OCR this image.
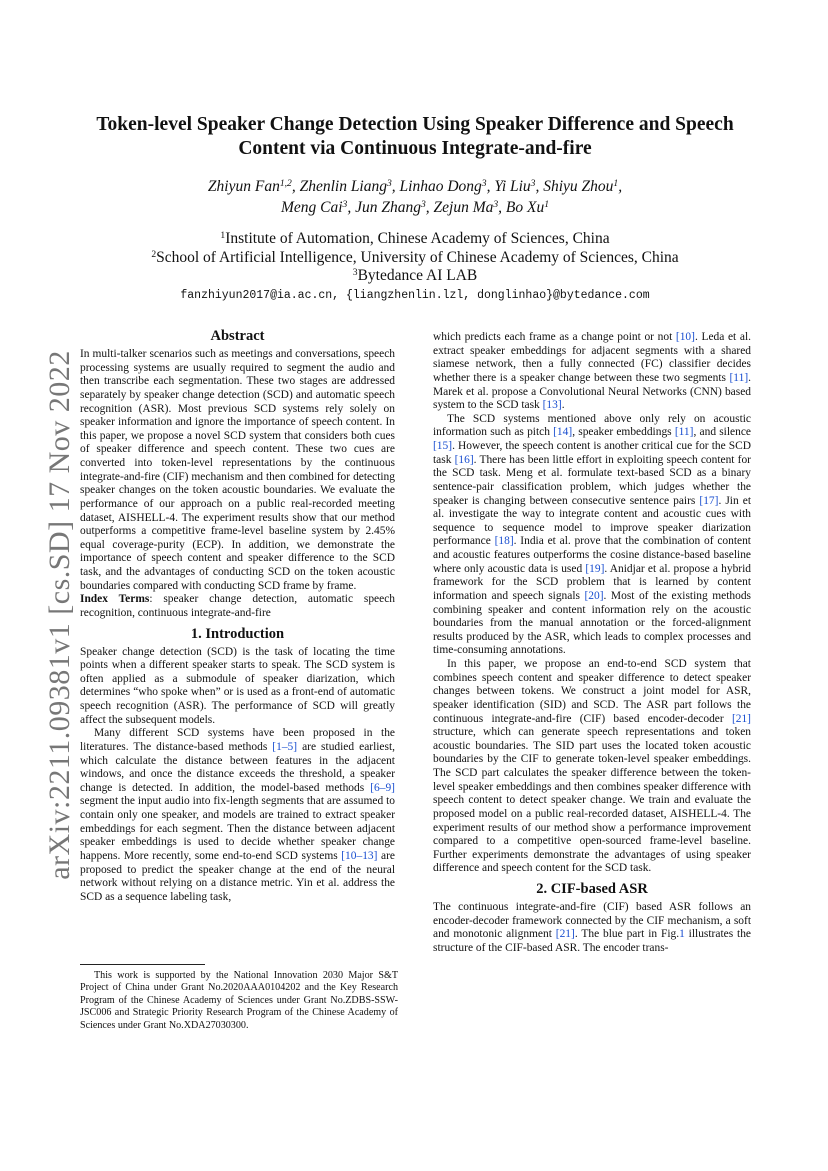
arXiv:2211.09381v1 [cs.SD] 17 Nov 2022
Token-level Speaker Change Detection Using Speaker Difference and Speech
Content via Continuous Integrate-and-fire
Zhiyun Fan$^{1,2}$, Zhenlin Liang$^3$, Linhao Dong$^3$, Yi Liu$^3$, Shiyu Zhou$^1$,
Meng Cai$^3$, Jun Zhang$^3$, Zejun Ma$^3$, Bo Xu$^1$
$^1$Institute of Automation, Chinese Academy of Sciences, China
$^2$School of Artificial Intelligence, University of Chinese Academy of Sciences, China
$^3$Bytedance AI LAB
fanzhiyun2017@ia.ac.cn, {liangzhenlin.lzl, donglinhao}@bytedance.com
Abstract

In multi-talker scenarios such as meetings and conversations, speech processing systems are usually required to segment the audio and then transcribe each segmentation. These two stages are addressed separately by speaker change detection (SCD) and automatic speech recognition (ASR). Most previous SCD systems rely solely on speaker information and ignore the importance of speech content. In this paper, we propose a novel SCD system that considers both cues of speaker difference and speech content. These two cues are converted into token-level representations by the continuous integrate-and-fire (CIF) mechanism and then combined for detecting speaker changes on the token acoustic boundaries. We evaluate the performance of our approach on a public real-recorded meeting dataset, AISHELL-4. The experiment results show that our method outperforms a competitive frame-level baseline system by 2.45% equal coverage-purity (ECP). In addition, we demonstrate the importance of speech content and speaker difference to the SCD task, and the advantages of conducting SCD on the token acoustic boundaries compared with conducting SCD frame by frame.

Index Terms: speaker change detection, automatic speech recognition, continuous integrate-and-fire

1. Introduction

Speaker change detection (SCD) is the task of locating the time points when a different speaker starts to speak. The SCD system is often applied as a submodule of speaker diarization, which determines “who spoke when” or is used as a front-end of automatic speech recognition (ASR). The performance of SCD will greatly affect the subsequent models.

Many different SCD systems have been proposed in the literatures. The distance-based methods [1–5] are studied earliest, which calculate the distance between features in the adjacent windows, and once the distance exceeds the threshold, a speaker change is detected. In addition, the model-based methods [6–9] segment the input audio into fix-length segments that are assumed to contain only one speaker, and models are trained to extract speaker embeddings for each segment. Then the distance between adjacent speaker embeddings is used to decide whether speaker change happens. More recently, some end-to-end SCD systems [10–13] are proposed to predict the speaker change at the end of the neural network without relying on a distance metric. Yin et al. address the SCD as a sequence labeling task,

This work is supported by the National Innovation 2030 Major S&T Project of China under Grant No.2020AAA0104202 and the Key Research Program of the Chinese Academy of Sciences under Grant No.ZDBS-SSW-JSC006 and Strategic Priority Research Program of the Chinese Academy of Sciences under Grant No.XDA27030300.

which predicts each frame as a change point or not [10]. Leda et al. extract speaker embeddings for adjacent segments with a shared siamese network, then a fully connected (FC) classifier decides whether there is a speaker change between these two segments [11]. Marek et al. propose a Convolutional Neural Networks (CNN) based system to the SCD task [13].

The SCD systems mentioned above only rely on acoustic information such as pitch [14], speaker embeddings [11], and silence [15]. However, the speech content is another critical cue for the SCD task [16]. There has been little effort in exploiting speech content for the SCD task. Meng et al. formulate text-based SCD as a binary sentence-pair classification problem, which judges whether the speaker is changing between consecutive sentence pairs [17]. Jin et al. investigate the way to integrate content and acoustic cues with sequence to sequence model to improve speaker diarization performance [18]. India et al. prove that the combination of content and acoustic features outperforms the cosine distance-based baseline where only acoustic data is used [19]. Anidjar et al. propose a hybrid framework for the SCD problem that is learned by content information and speech signals [20]. Most of the existing methods combining speaker and content information rely on the acoustic boundaries from the manual annotation or the forced-alignment results produced by the ASR, which leads to complex processes and time-consuming annotations.

In this paper, we propose an end-to-end SCD system that combines speech content and speaker difference to detect speaker changes between tokens. We construct a joint model for ASR, speaker identification (SID) and SCD. The ASR part follows the continuous integrate-and-fire (CIF) based encoder-decoder [21] structure, which can generate speech representations and token acoustic boundaries. The SID part uses the located token acoustic boundaries by the CIF to generate token-level speaker embeddings. The SCD part calculates the speaker difference between the token-level speaker embeddings and then combines speaker difference with speech content to detect speaker change. We train and evaluate the proposed model on a public real-recorded dataset, AISHELL-4. The experiment results of our method show a performance improvement compared to a competitive open-sourced frame-level baseline. Further experiments demonstrate the advantages of using speaker difference and speech content for the SCD task.

2. CIF-based ASR

The continuous integrate-and-fire (CIF) based ASR follows an encoder-decoder framework connected by the CIF mechanism, a soft and monotonic alignment [21]. The blue part in Fig.1 illustrates the structure of the CIF-based ASR. The encoder trans-
